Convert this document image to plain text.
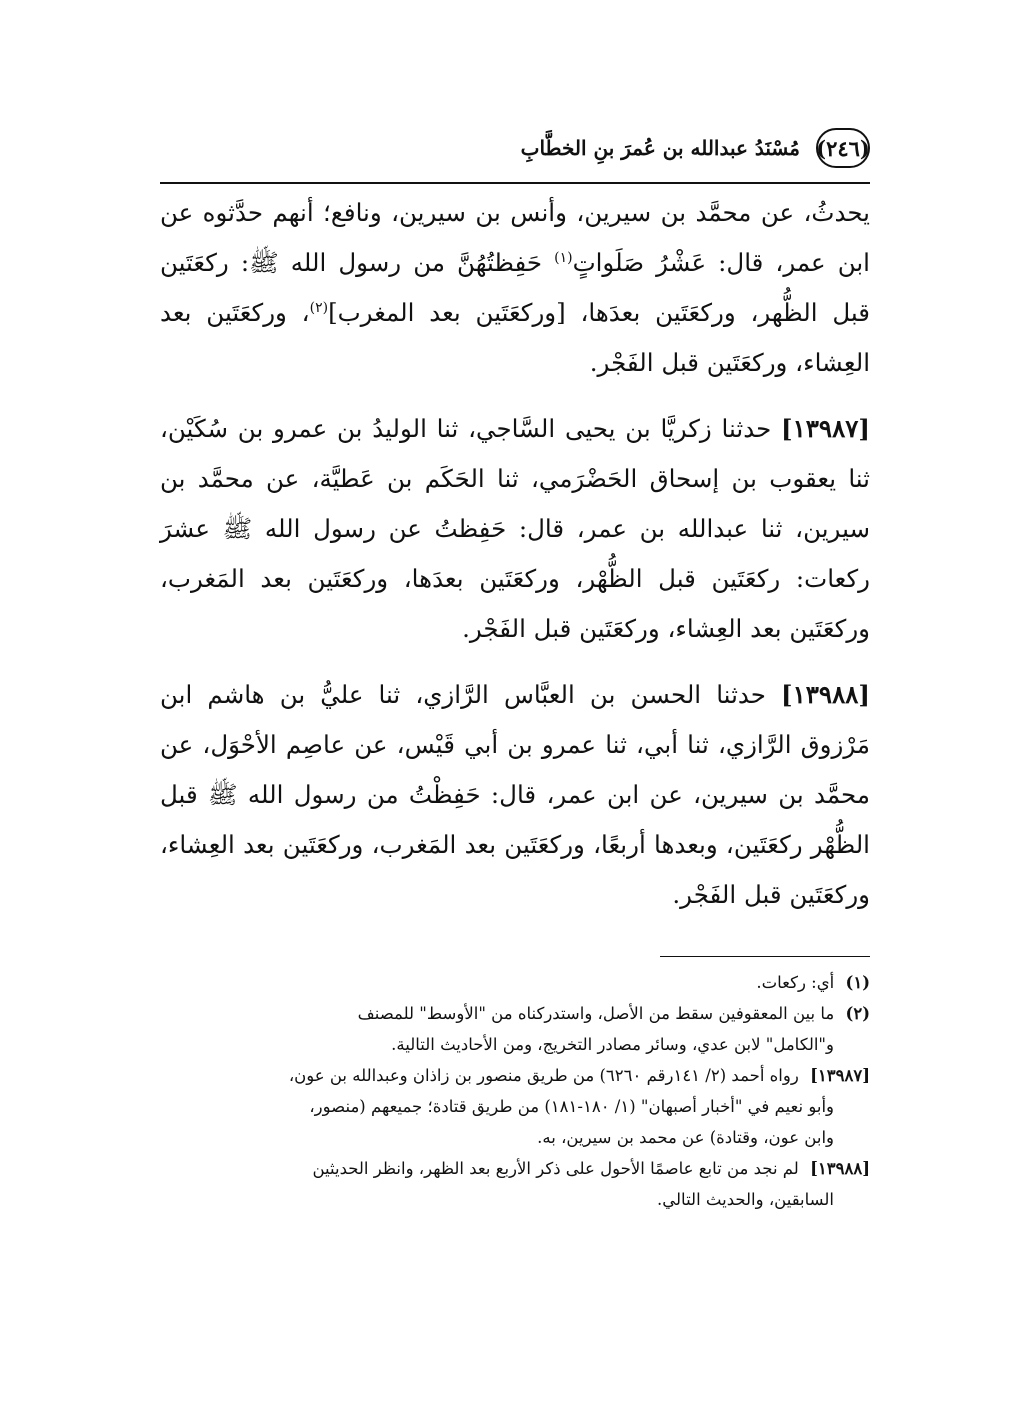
(٢٤٦)
مُسْنَدُ عبدالله بن عُمرَ بنِ الخطَّابِ

يحدثُ، عن محمَّد بن سيرين، وأنس بن سيرين، ونافع؛ أنهم حدَّثوه عن ابن عمر، قال: عَشْرُ صَلَواتٍ$^{(١)}$ حَفِظتُهُنَّ من رسول الله ﷺ: ركعَتَين قبل الظُّهر، وركعَتَين بعدَها، [وركعَتَين بعد المغرب]$^{(٢)}$، وركعَتَين بعد العِشاء، وركعَتَين قبل الفَجْر.

[١٣٩٨٧] حدثنا زكريَّا بن يحيى السَّاجي، ثنا الوليدُ بن عمرو بن سُكَيْن، ثنا يعقوب بن إسحاق الحَضْرَمي، ثنا الحَكَم بن عَطيَّة، عن محمَّد بن سيرين، ثنا عبدالله بن عمر، قال: حَفِظتُ عن رسول الله ﷺ عشرَ ركعات: ركعَتَين قبل الظُّهْر، وركعَتَين بعدَها، وركعَتَين بعد المَغرب، وركعَتَين بعد العِشاء، وركعَتَين قبل الفَجْر.

[١٣٩٨٨] حدثنا الحسن بن العبَّاس الرَّازي، ثنا عليُّ بن هاشم ابن مَرْزوق الرَّازي، ثنا أبي، ثنا عمرو بن أبي قَيْس، عن عاصِم الأحْوَل، عن محمَّد بن سيرين، عن ابن عمر، قال: حَفِظْتُ من رسول الله ﷺ قبل الظُّهْر ركعَتَين، وبعدها أربعًا، وركعَتَين بعد المَغرب، وركعَتَين بعد العِشاء، وركعَتَين قبل الفَجْر.

(١) أي: ركعات.

(٢) ما بين المعقوفين سقط من الأصل، واستدركناه من "الأوسط" للمصنف

و"الكامل" لابن عدي، وسائر مصادر التخريج، ومن الأحاديث التالية.

[١٣٩٨٧] رواه أحمد (٢/ ١٤١رقم ٦٢٦٠) من طريق منصور بن زاذان وعبدالله بن عون،

وأبو نعيم في "أخبار أصبهان" (١/ ١٨٠-١٨١) من طريق قتادة؛ جميعهم (منصور،

وابن عون، وقتادة) عن محمد بن سيرين، به.

[١٣٩٨٨] لم نجد من تابع عاصمًا الأحول على ذكر الأربع بعد الظهر، وانظر الحديثين

السابقين، والحديث التالي.
